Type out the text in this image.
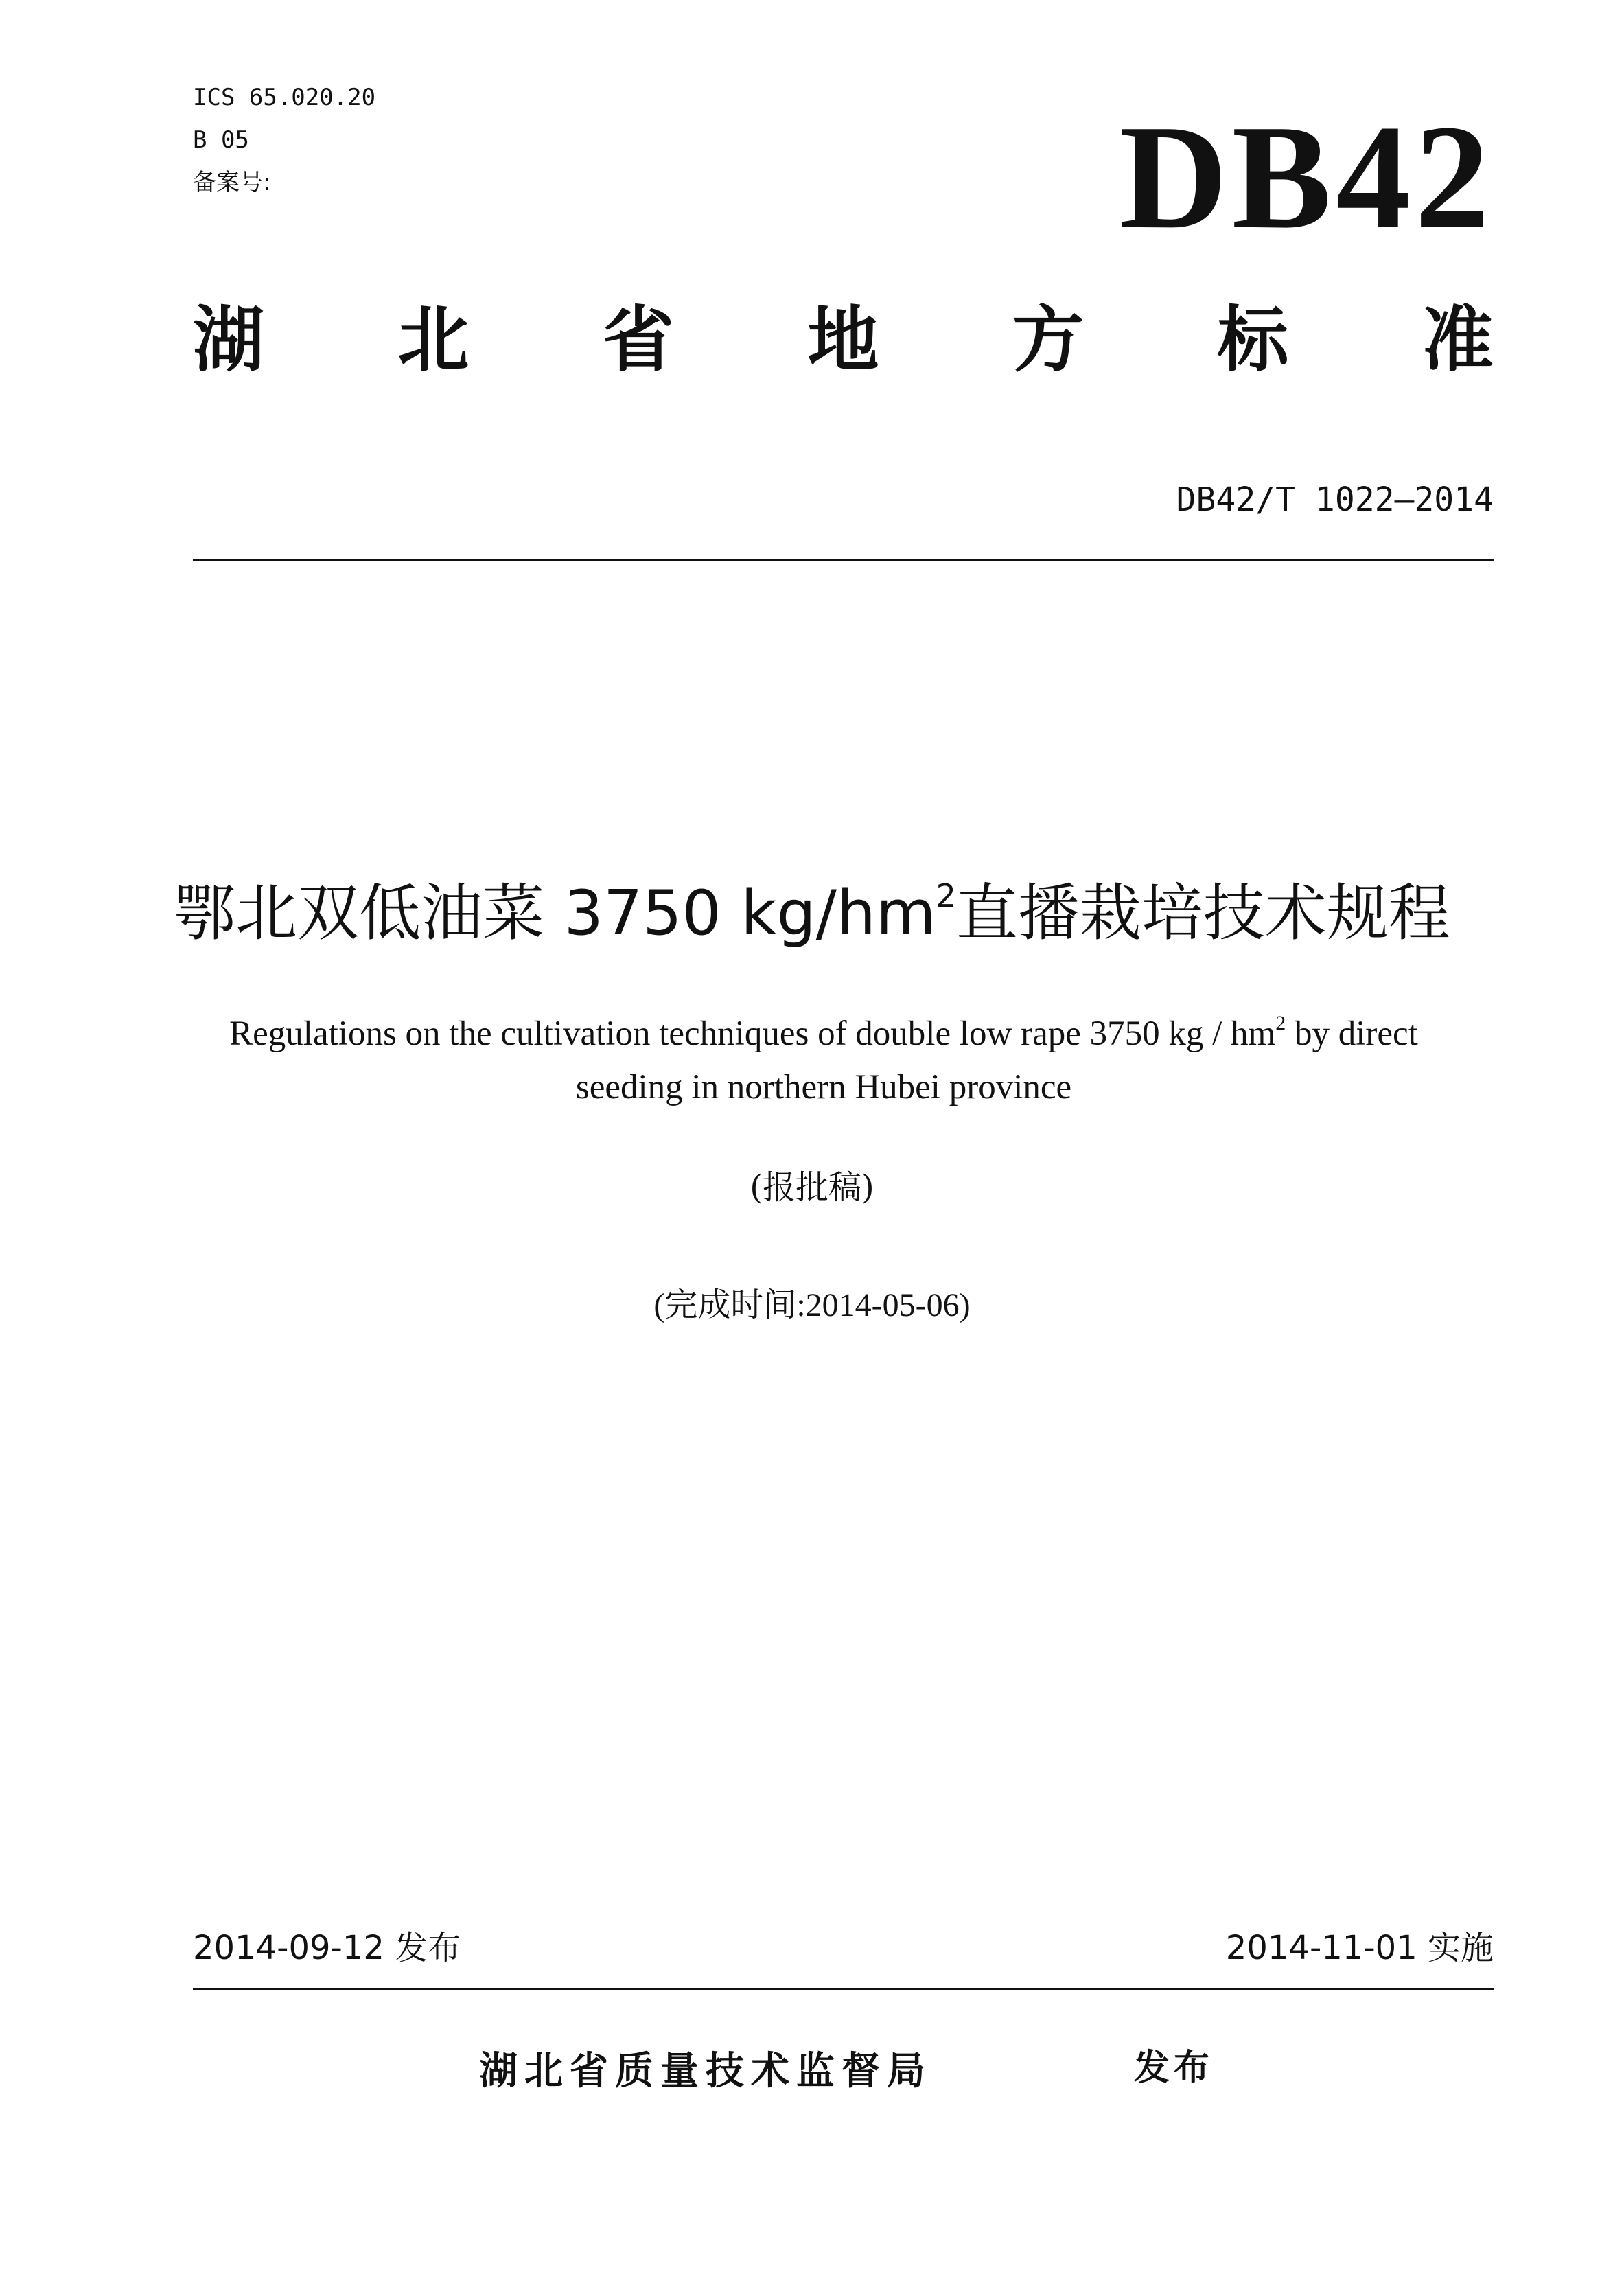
ICS 65.020.20
B 05
备案号:	DB42
湖 北 省 地 方 标 准
DB42/T 1022—2014
鄂北双低油菜 3750 $kg/hm^2$直播栽培技术规程
Regulations on the cultivation techniques of double low rape 3750 kg / $hm^2$ by direct seeding in northern Hubei province
(报批稿)
(完成时间:2014-05-06)
2014-09-12 发布	2014-11-01 实施
湖北省质量技术监督局	发布
